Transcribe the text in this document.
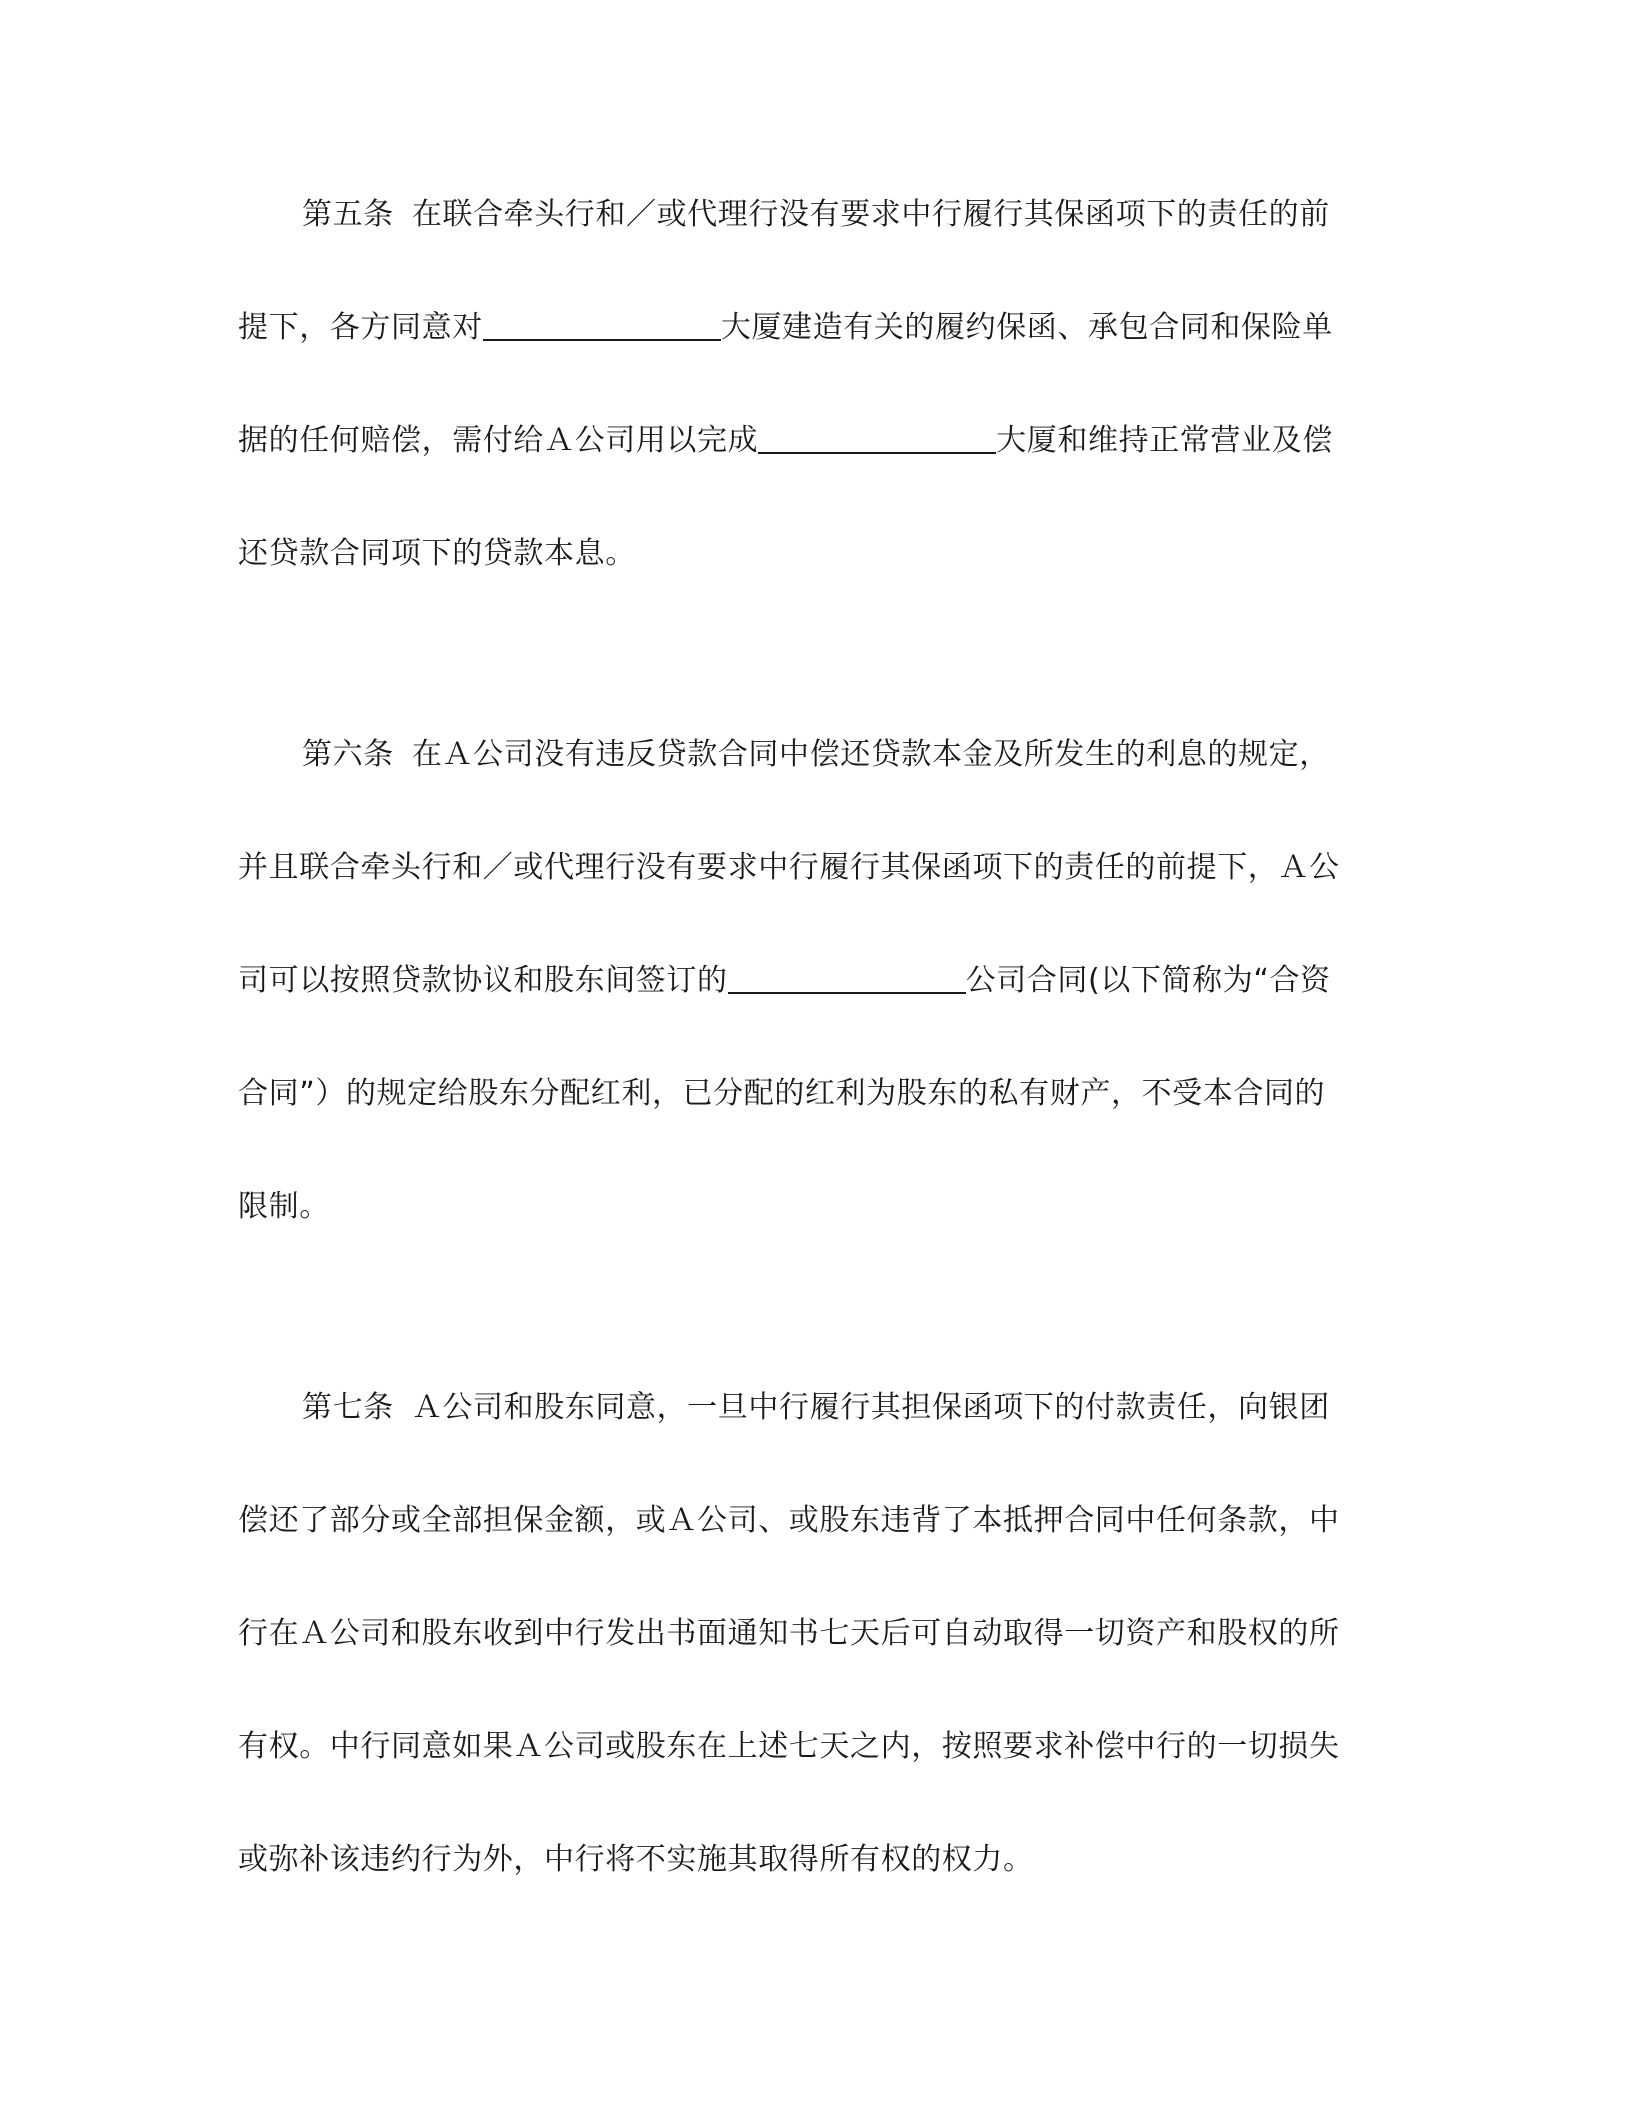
第五条 在联合牵头行和／或代理行没有要求中行履行其保函项下的责任的前
提下，各方同意对	大厦建造有关的履约保函、承包合同和保险单
据的任何赔偿，需付给Ａ公司用以完成	大厦和维持正常营业及偿
还贷款合同项下的贷款本息。
第六条 在Ａ公司没有违反贷款合同中偿还贷款本金及所发生的利息的规定，
并且联合牵头行和／或代理行没有要求中行履行其保函项下的责任的前提下，Ａ公
司可以按照贷款协议和股东间签订的	公司合同(以下简称为“合资
合同”）的规定给股东分配红利，已分配的红利为股东的私有财产，不受本合同的
限制。
第七条 Ａ公司和股东同意，一旦中行履行其担保函项下的付款责任，向银团
偿还了部分或全部担保金额，或Ａ公司、或股东违背了本抵押合同中任何条款，中
行在Ａ公司和股东收到中行发出书面通知书七天后可自动取得一切资产和股权的所
有权。中行同意如果Ａ公司或股东在上述七天之内，按照要求补偿中行的一切损失
或弥补该违约行为外，中行将不实施其取得所有权的权力。
